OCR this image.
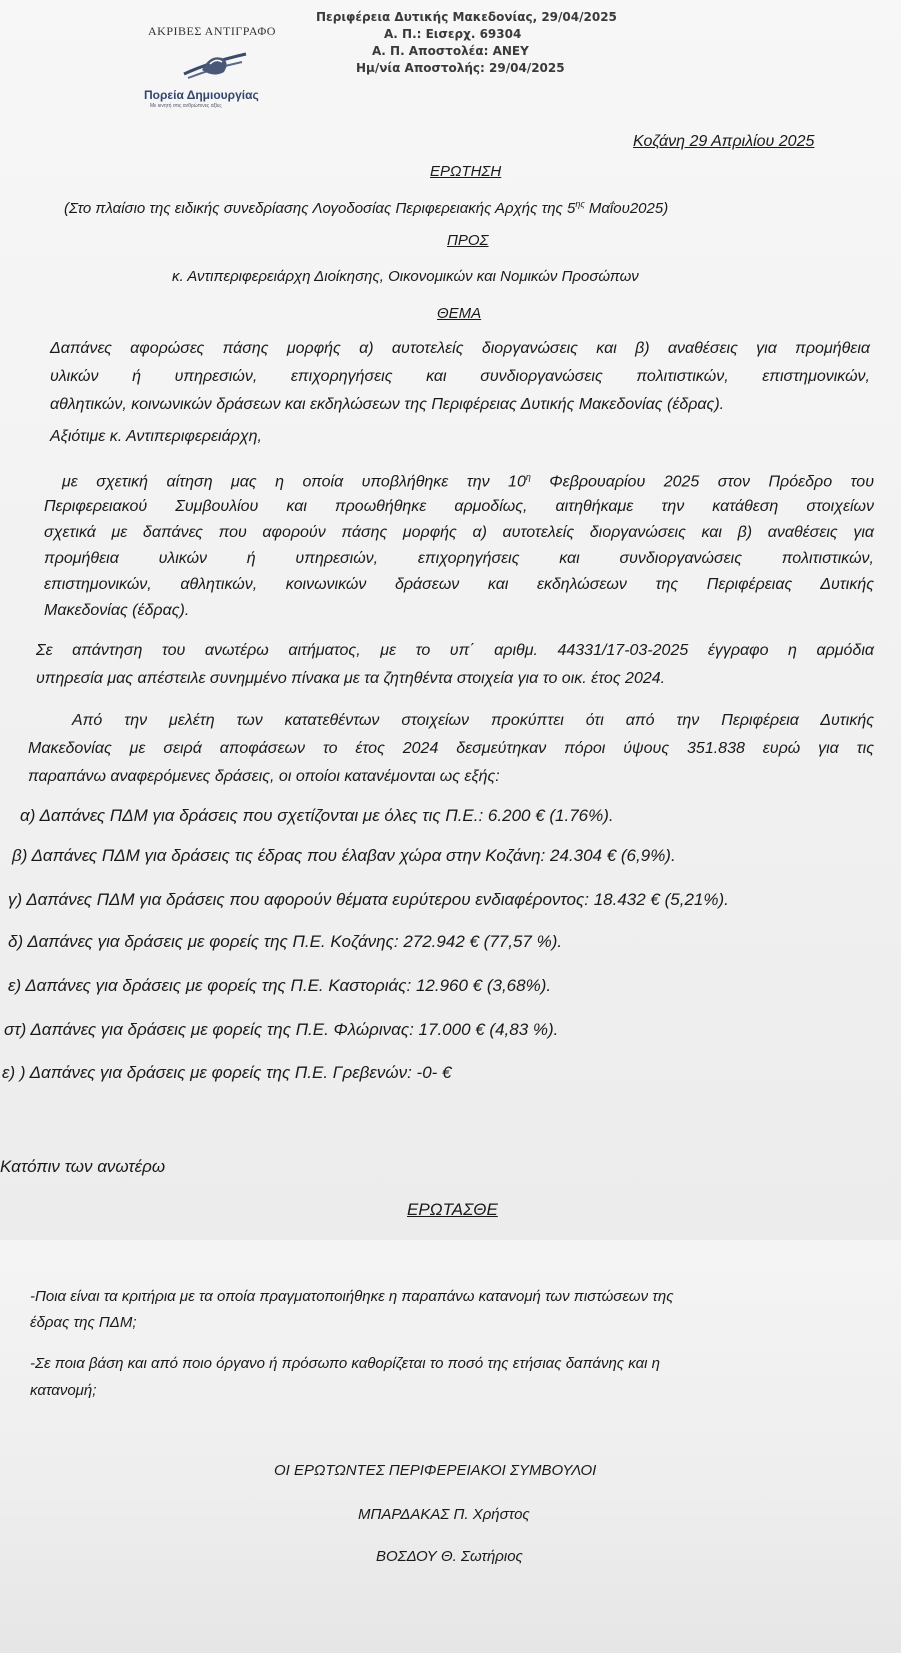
ΑΚΡΙΒΕΣ ΑΝΤΙΓΡΑΦΟ
Πορεία Δημιουργίας
Με κινητή στις ανθρώπινες αξίες
Περιφέρεια Δυτικής Μακεδονίας, 29/04/2025
Α. Π.: Εισερχ. 69304
Α. Π. Αποστολέα: ΑΝΕΥ
Ημ/νία Αποστολής: 29/04/2025
Κοζάνη 29 Απριλίου 2025
ΕΡΩΤΗΣΗ
(Στο πλαίσιο της ειδικής συνεδρίασης Λογοδοσίας Περιφερειακής Αρχής της $5^{\eta\varsigma}$ Μαΐου2025)
ΠΡΟΣ
κ. Αντιπεριφερειάρχη Διοίκησης, Οικονομικών και Νομικών Προσώπων
ΘΕΜΑ
Δαπάνες αφορώσες πάσης μορφής α) αυτοτελείς διοργανώσεις και β) αναθέσεις για προμήθεια
υλικών ή υπηρεσιών, επιχορηγήσεις και συνδιοργανώσεις πολιτιστικών, επιστημονικών,
αθλητικών, κοινωνικών δράσεων και εκδηλώσεων της Περιφέρειας Δυτικής Μακεδονίας (έδρας).
Αξιότιμε κ. Αντιπεριφερειάρχη,
με σχετική αίτηση μας η οποία υποβλήθηκε την $10^\eta$ Φεβρουαρίου 2025 στον Πρόεδρο του
Περιφερειακού Συμβουλίου και προωθήθηκε αρμοδίως, αιτηθήκαμε την κατάθεση στοιχείων
σχετικά με δαπάνες που αφορούν πάσης μορφής α) αυτοτελείς διοργανώσεις και β) αναθέσεις για
προμήθεια υλικών ή υπηρεσιών, επιχορηγήσεις και συνδιοργανώσεις πολιτιστικών,
επιστημονικών, αθλητικών, κοινωνικών δράσεων και εκδηλώσεων της Περιφέρειας Δυτικής
Μακεδονίας (έδρας).
Σε απάντηση του ανωτέρω αιτήματος, με το υπ΄ αριθμ. 44331/17-03-2025 έγγραφο η αρμόδια
υπηρεσία μας απέστειλε συνημμένο πίνακα με τα ζητηθέντα στοιχεία για το οικ. έτος 2024.
Από την μελέτη των κατατεθέντων στοιχείων προκύπτει ότι από την Περιφέρεια Δυτικής
Μακεδονίας με σειρά αποφάσεων το έτος 2024 δεσμεύτηκαν πόροι ύψους 351.838 ευρώ για τις
παραπάνω αναφερόμενες δράσεις, οι οποίοι κατανέμονται ως εξής:
α) Δαπάνες ΠΔΜ για δράσεις που σχετίζονται με όλες τις Π.Ε.: 6.200 € (1.76%).
β) Δαπάνες ΠΔΜ για δράσεις τις έδρας που έλαβαν χώρα στην Κοζάνη: 24.304 € (6,9%).
γ) Δαπάνες ΠΔΜ για δράσεις που αφορούν θέματα ευρύτερου ενδιαφέροντος: 18.432 € (5,21%).
δ) Δαπάνες για δράσεις με φορείς της Π.Ε. Κοζάνης: 272.942 € (77,57 %).
ε) Δαπάνες για δράσεις με φορείς της Π.Ε. Καστοριάς: 12.960 € (3,68%).
στ) Δαπάνες για δράσεις με φορείς της Π.Ε. Φλώρινας: 17.000 € (4,83 %).
ε) ) Δαπάνες για δράσεις με φορείς της Π.Ε. Γρεβενών: -0- €
Κατόπιν των ανωτέρω
ΕΡΩΤΑΣΘΕ
-Ποια είναι τα κριτήρια με τα οποία πραγματοποιήθηκε η παραπάνω κατανομή των πιστώσεων της
έδρας της ΠΔΜ;
-Σε ποια βάση και από ποιο όργανο ή πρόσωπο καθορίζεται το ποσό της ετήσιας δαπάνης και η
κατανομή;
ΟΙ ΕΡΩΤΩΝΤΕΣ ΠΕΡΙΦΕΡΕΙΑΚΟΙ ΣΥΜΒΟΥΛΟΙ
ΜΠΑΡΔΑΚΑΣ Π. Χρήστος
ΒΟΣΔΟΥ Θ. Σωτήριος
